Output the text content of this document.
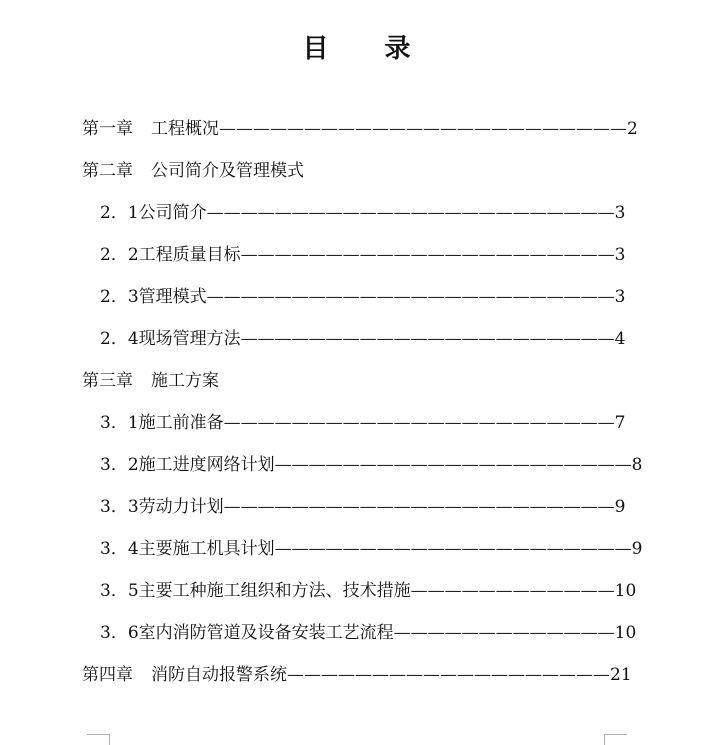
目 录
第一章 工程概况————————————————————————2
第二章 公司简介及管理模式
2．1公司简介————————————————————————3
2．2工程质量目标——————————————————————3
2．3管理模式————————————————————————3
2．4现场管理方法——————————————————————4
第三章 施工方案
3．1施工前准备———————————————————————7
3．2施工进度网络计划—————————————————————8
3．3劳动力计划———————————————————————9
3．4主要施工机具计划—————————————————————9
3．5主要工种施工组织和方法、技术措施————————————10
3．6室内消防管道及设备安装工艺流程—————————————10
第四章 消防自动报警系统———————————————————21
